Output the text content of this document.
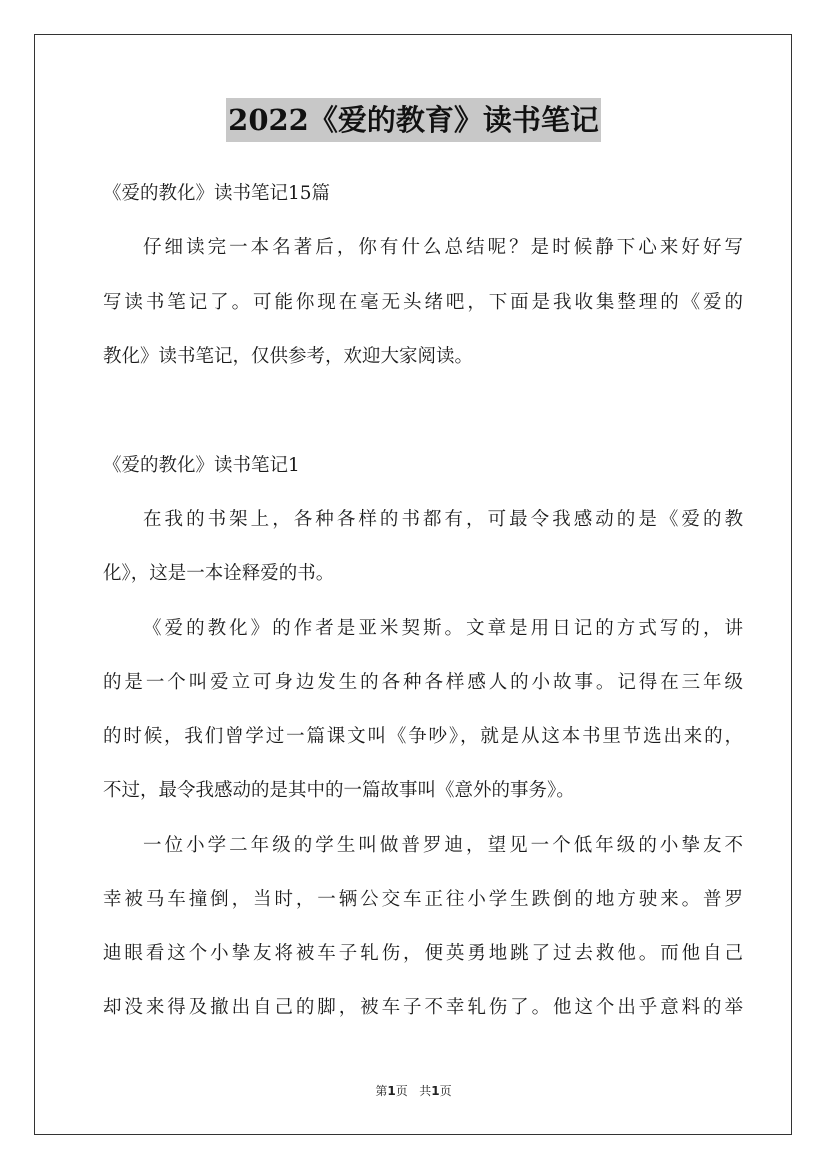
2022《爱的教育》读书笔记
《爱的教化》读书笔记15篇
仔细读完一本名著后，你有什么总结呢？是时候静下心来好好写
写读书笔记了。可能你现在毫无头绪吧，下面是我收集整理的《爱的
教化》读书笔记，仅供参考，欢迎大家阅读。
《爱的教化》读书笔记1
在我的书架上，各种各样的书都有，可最令我感动的是《爱的教
化》，这是一本诠释爱的书。
《爱的教化》的作者是亚米契斯。文章是用日记的方式写的，讲
的是一个叫爱立可身边发生的各种各样感人的小故事。记得在三年级
的时候，我们曾学过一篇课文叫《争吵》，就是从这本书里节选出来的，
不过，最令我感动的是其中的一篇故事叫《意外的事务》。
一位小学二年级的学生叫做普罗迪，望见一个低年级的小挚友不
幸被马车撞倒，当时，一辆公交车正往小学生跌倒的地方驶来。普罗
迪眼看这个小挚友将被车子轧伤，便英勇地跳了过去救他。而他自己
却没来得及撤出自己的脚，被车子不幸轧伤了。他这个出乎意料的举
第1页 共1页
